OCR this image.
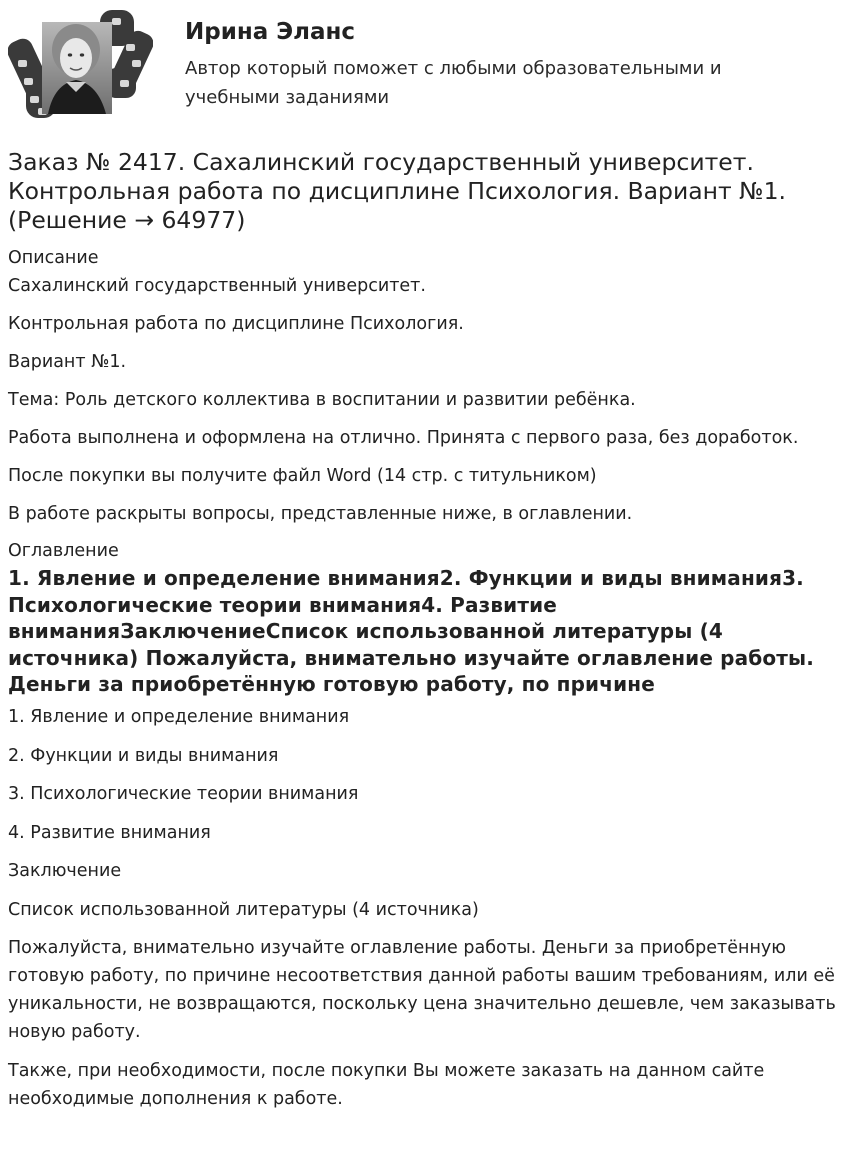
Ирина Эланс
Автор который поможет с любыми образовательными и учебными заданиями
Заказ № 2417. Сахалинский государственный университет. Контрольная работа по дисциплине Психология. Вариант №1. (Решение → 64977)

Описание

Сахалинский государственный университет.

Контрольная работа по дисциплине Психология.

Вариант №1.

Тема: Роль детского коллектива в воспитании и развитии ребёнка.

Работа выполнена и оформлена на отлично. Принята с первого раза, без доработок.

После покупки вы получите файл Word (14 стр. с титульником)

В работе раскрыты вопросы, представленные ниже, в оглавлении.

Оглавление

1. Явление и определение внимания2. Функции и виды внимания3. Психологические теории внимания4. Развитие вниманияЗаключениеСписок использованной литературы (4 источника) Пожалуйста, внимательно изучайте оглавление работы. Деньги за приобретённую готовую работу, по причине

1. Явление и определение внимания

2. Функции и виды внимания

3. Психологические теории внимания

4. Развитие внимания

Заключение

Список использованной литературы (4 источника)

Пожалуйста, внимательно изучайте оглавление работы. Деньги за приобретённую готовую работу, по причине несоответствия данной работы вашим требованиям, или её уникальности, не возвращаются, поскольку цена значительно дешевле, чем заказывать новую работу.

Также, при необходимости, после покупки Вы можете заказать на данном сайте необходимые дополнения к работе.
